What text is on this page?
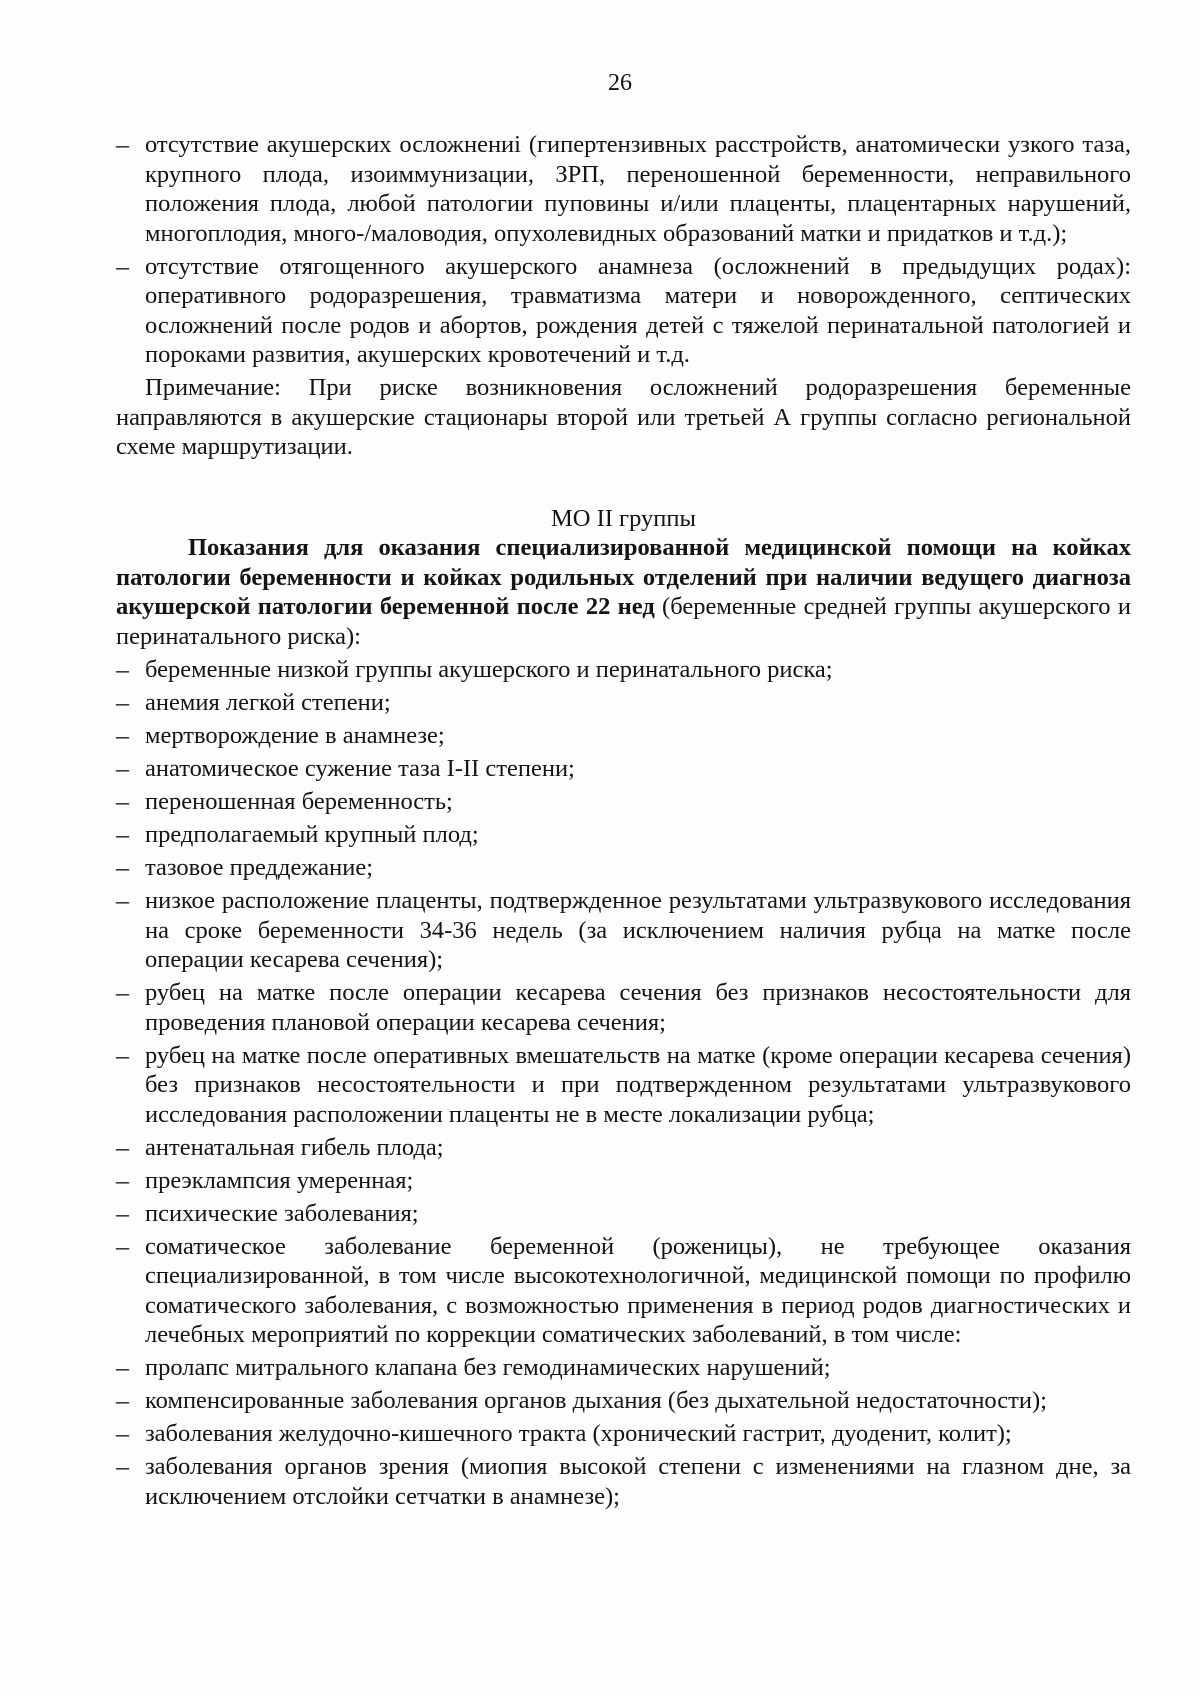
26
– отсутствие акушерских осложнениі (гипертензивных расстройств, анатомически узкого таза, крупного плода, изоиммунизации, ЗРП, переношенной беременности, неправильного положения плода, любой патологии пуповины и/или плаценты, плацентарных нарушений, многоплодия, много-/маловодия, опухолевидных образований матки и придатков и т.д.);
– отсутствие отягощенного акушерского анамнеза (осложнений в предыдущих родах): оперативного родоразрешения, травматизма матери и новорожденного, септических осложнений после родов и абортов, рождения детей с тяжелой перинатальной патологией и пороками развития, акушерских кровотечений и т.д.

Примечание: При риске возникновения осложнений родоразрешения беременные направляются в акушерские стационары второй или третьей А группы согласно региональной схеме маршрутизации.

МО II группы

Показания для оказания специализированной медицинской помощи на койках патологии беременности и койках родильных отделений при наличии ведущего диагноза акушерской патологии беременной после 22 нед (беременные средней группы акушерского и перинатального риска):

– беременные низкой группы акушерского и перинатального риска;
– анемия легкой степени;
– мертворождение в анамнезе;
– анатомическое сужение таза I-II степени;
– переношенная беременность;
– предполагаемый крупный плод;
– тазовое преддежание;
– низкое расположение плаценты, подтвержденное результатами ультразвукового исследования на сроке беременности 34-36 недель (за исключением наличия рубца на матке после операции кесарева сечения);
– рубец на матке после операции кесарева сечения без признаков несостоятельности для проведения плановой операции кесарева сечения;
– рубец на матке после оперативных вмешательств на матке (кроме операции кесарева сечения) без признаков несостоятельности и при подтвержденном результатами ультразвукового исследования расположении плаценты не в месте локализации рубца;
– антенатальная гибель плода;
– преэклампсия умеренная;
– психические заболевания;
– соматическое заболевание беременной (роженицы), не требующее оказания специализированной, в том числе высокотехнологичной, медицинской помощи по профилю соматического заболевания, с возможностью применения в период родов диагностических и лечебных мероприятий по коррекции соматических заболеваний, в том числе:
– пролапс митрального клапана без гемодинамических нарушений;
– компенсированные заболевания органов дыхания (без дыхательной недостаточности);
– заболевания желудочно-кишечного тракта (хронический гастрит, дуоденит, колит);
– заболевания органов зрения (миопия высокой степени с изменениями на глазном дне, за исключением отслойки сетчатки в анамнезе);
